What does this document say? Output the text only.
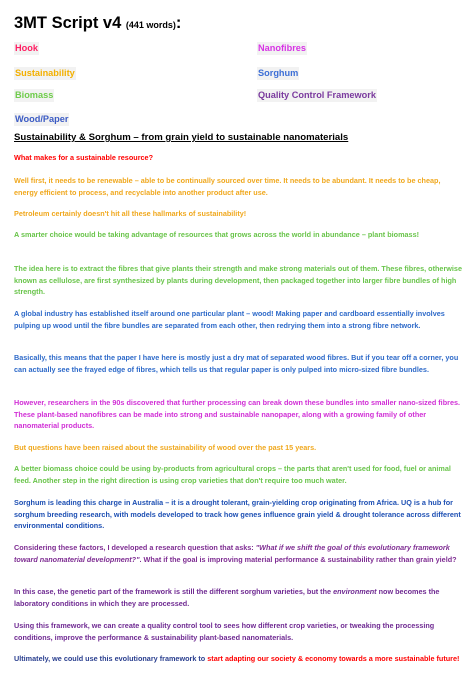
3MT Script v4 (441 words):
Hook	Nanofibres
Sustainability	Sorghum
Biomass	Quality Control Framework
Wood/Paper
Sustainability & Sorghum – from grain yield to sustainable nanomaterials

What makes for a sustainable resource?

Well first, it needs to be renewable – able to be continually sourced over time. It needs to be abundant. It needs to be cheap, energy efficient to process, and recyclable into another product after use.

Petroleum certainly doesn't hit all these hallmarks of sustainability!

A smarter choice would be taking advantage of resources that grows across the world in abundance – plant biomass!

The idea here is to extract the fibres that give plants their strength and make strong materials out of them. These fibres, otherwise known as cellulose, are first synthesized by plants during development, then packaged together into larger fibre bundles of high strength.

A global industry has established itself around one particular plant – wood! Making paper and cardboard essentially involves pulping up wood until the fibre bundles are separated from each other, then redrying them into a strong fibre network.

Basically, this means that the paper I have here is mostly just a dry mat of separated wood fibres. But if you tear off a corner, you can actually see the frayed edge of fibres, which tells us that regular paper is only pulped into micro-sized fibre bundles.

However, researchers in the 90s discovered that further processing can break down these bundles into smaller nano-sized fibres. These plant-based nanofibres can be made into strong and sustainable nanopaper, along with a growing family of other nanomaterial products.

But questions have been raised about the sustainability of wood over the past 15 years.

A better biomass choice could be using by-products from agricultural crops – the parts that aren't used for food, fuel or animal feed. Another step in the right direction is using crop varieties that don't require too much water.

Sorghum is leading this charge in Australia – it is a drought tolerant, grain-yielding crop originating from Africa. UQ is a hub for sorghum breeding research, with models developed to track how genes influence grain yield & drought tolerance across different environmental conditions.

Considering these factors, I developed a research question that asks: "What if we shift the goal of this evolutionary framework toward nanomaterial development?". What if the goal is improving material performance & sustainability rather than grain yield?

In this case, the genetic part of the framework is still the different sorghum varieties, but the environment now becomes the laboratory conditions in which they are processed.

Using this framework, we can create a quality control tool to sees how different crop varieties, or tweaking the processing conditions, improve the performance & sustainability plant-based nanomaterials.

Ultimately, we could use this evolutionary framework to start adapting our society & economy towards a more sustainable future!
